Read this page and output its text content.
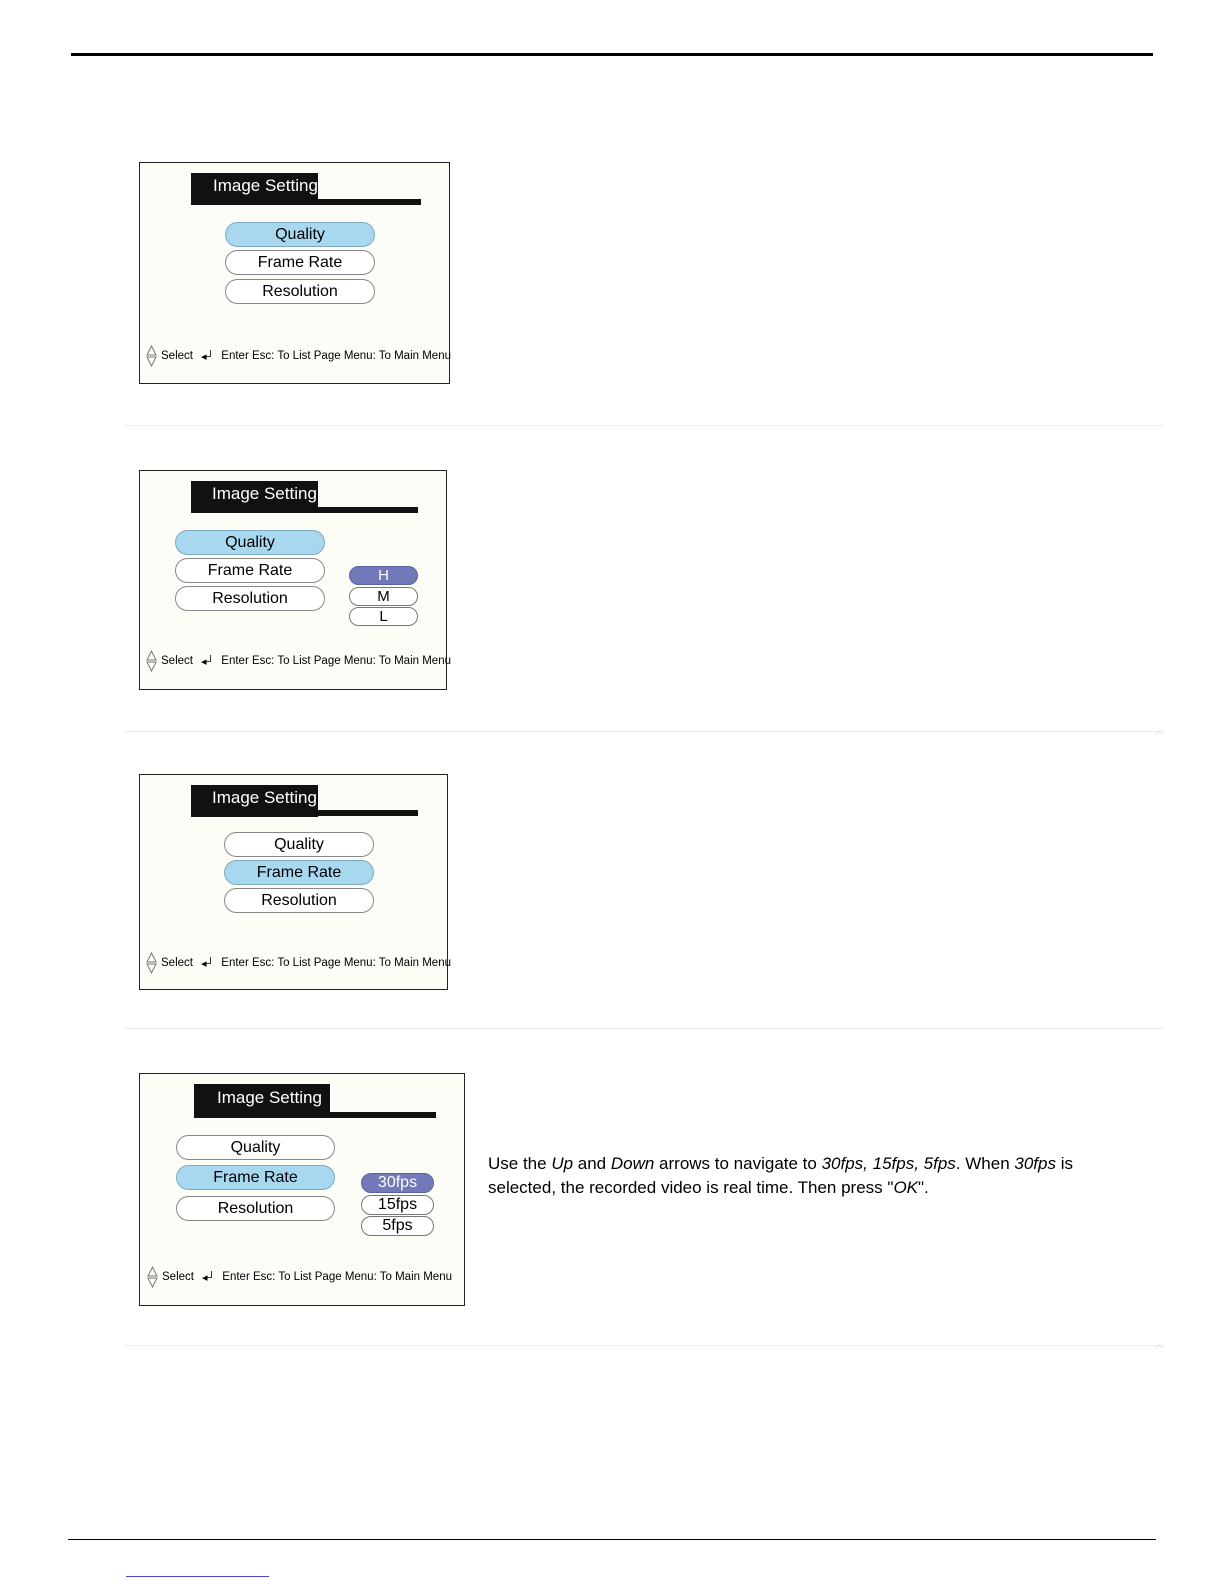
Image Setting
Quality
Frame Rate
Resolution
Select ◂┘ Enter Esc: To List Page Menu: To Main Menu
Image Setting
Quality
Frame Rate
Resolution
H
M
L
Select ◂┘ Enter Esc: To List Page Menu: To Main Menu
︿
Image Setting
Quality
Frame Rate
Resolution
Select ◂┘ Enter Esc: To List Page Menu: To Main Menu
Image Setting
Quality
Frame Rate
Resolution
30fps
15fps
5fps
Select ◂┘ Enter Esc: To List Page Menu: To Main Menu
Use the Up and Down arrows to navigate to 30fps, 15fps, 5fps. When 30fps is selected, the recorded video is real time. Then press "OK".
︿
